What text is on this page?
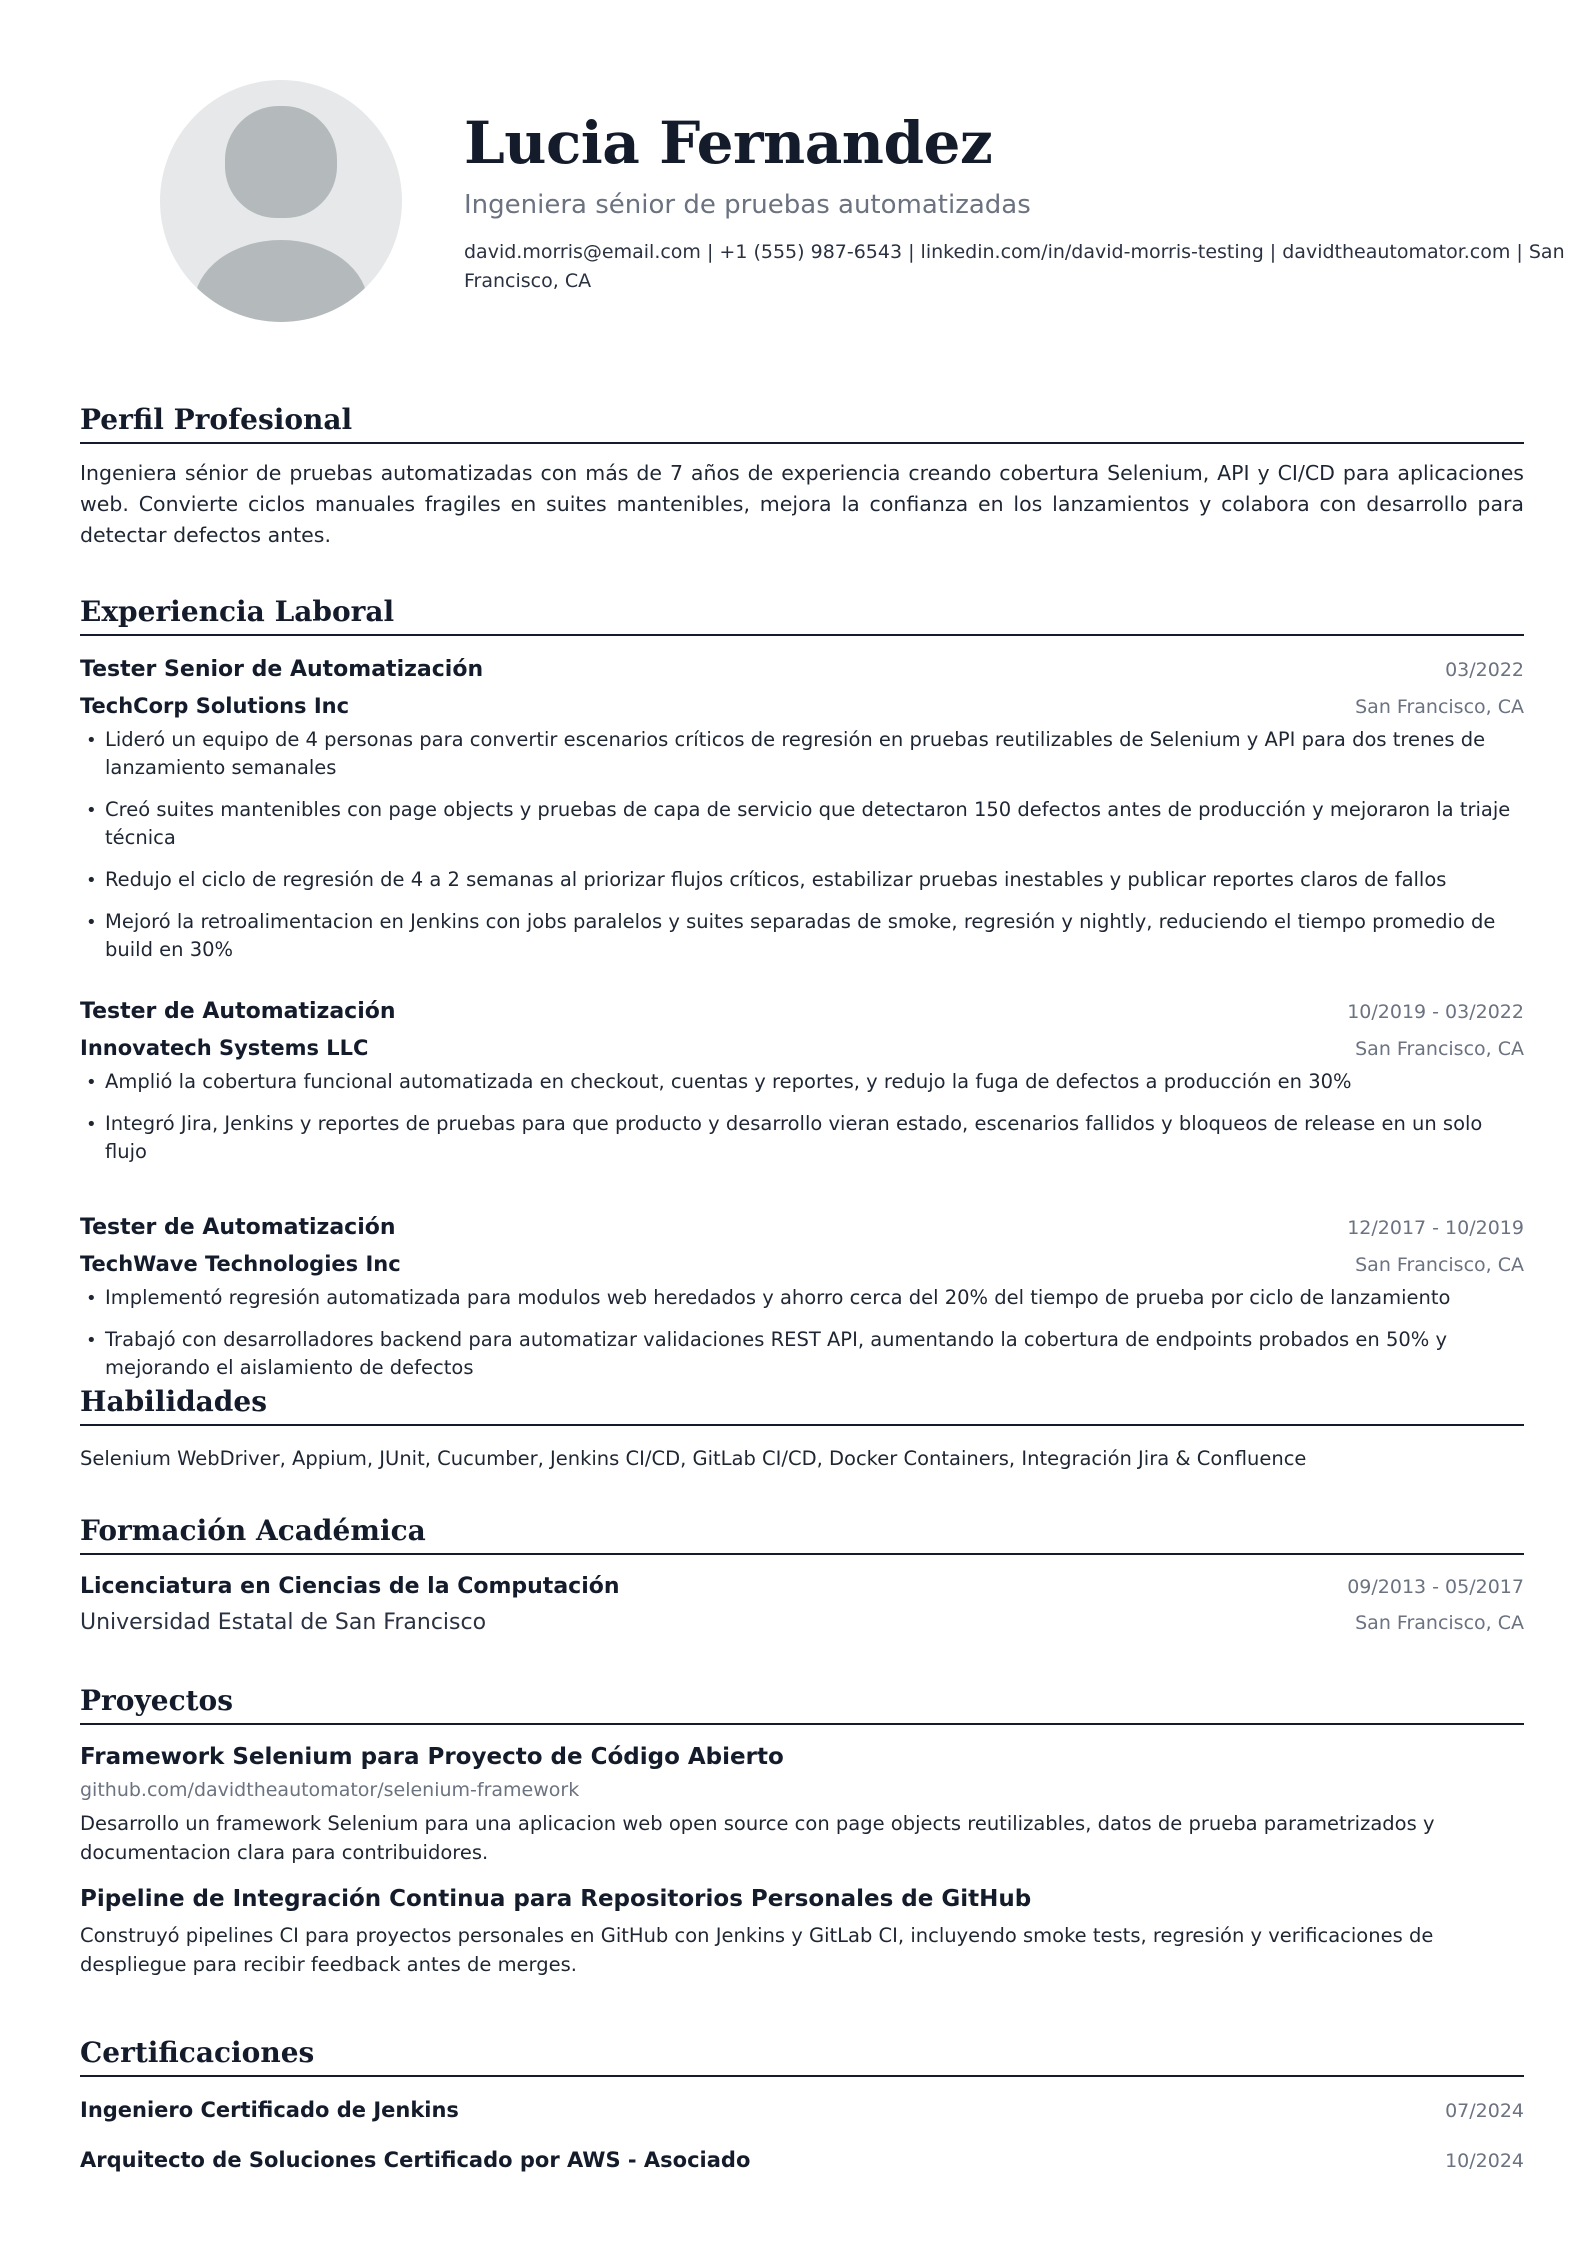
Lucia Fernandez
Ingeniera sénior de pruebas automatizadas
david.morris@email.com | +1 (555) 987-6543 | linkedin.com/in/david-morris-testing | davidtheautomator.com | San Francisco, CA
Perfil Profesional
Ingeniera sénior de pruebas automatizadas con más de 7 años de experiencia creando cobertura Selenium, API y CI/CD para aplicaciones web. Convierte ciclos manuales fragiles en suites mantenibles, mejora la confianza en los lanzamientos y colabora con desarrollo para detectar defectos antes.
Experiencia Laboral
Tester Senior de Automatización	03/2022
TechCorp Solutions Inc	San Francisco, CA
• Lideró un equipo de 4 personas para convertir escenarios críticos de regresión en pruebas reutilizables de Selenium y API para dos trenes de lanzamiento semanales
• Creó suites mantenibles con page objects y pruebas de capa de servicio que detectaron 150 defectos antes de producción y mejoraron la triaje técnica
• Redujo el ciclo de regresión de 4 a 2 semanas al priorizar flujos críticos, estabilizar pruebas inestables y publicar reportes claros de fallos
• Mejoró la retroalimentacion en Jenkins con jobs paralelos y suites separadas de smoke, regresión y nightly, reduciendo el tiempo promedio de build en 30%
Tester de Automatización	10/2019 - 03/2022
Innovatech Systems LLC	San Francisco, CA
• Amplió la cobertura funcional automatizada en checkout, cuentas y reportes, y redujo la fuga de defectos a producción en 30%
• Integró Jira, Jenkins y reportes de pruebas para que producto y desarrollo vieran estado, escenarios fallidos y bloqueos de release en un solo flujo
Tester de Automatización	12/2017 - 10/2019
TechWave Technologies Inc	San Francisco, CA
• Implementó regresión automatizada para modulos web heredados y ahorro cerca del 20% del tiempo de prueba por ciclo de lanzamiento
• Trabajó con desarrolladores backend para automatizar validaciones REST API, aumentando la cobertura de endpoints probados en 50% y mejorando el aislamiento de defectos
Habilidades
Selenium WebDriver, Appium, JUnit, Cucumber, Jenkins CI/CD, GitLab CI/CD, Docker Containers, Integración Jira & Confluence
Formación Académica
Licenciatura en Ciencias de la Computación	09/2013 - 05/2017
Universidad Estatal de San Francisco	San Francisco, CA
Proyectos
Framework Selenium para Proyecto de Código Abierto
github.com/davidtheautomator/selenium-framework
Desarrollo un framework Selenium para una aplicacion web open source con page objects reutilizables, datos de prueba parametrizados y documentacion clara para contribuidores.
Pipeline de Integración Continua para Repositorios Personales de GitHub
Construyó pipelines CI para proyectos personales en GitHub con Jenkins y GitLab CI, incluyendo smoke tests, regresión y verificaciones de despliegue para recibir feedback antes de merges.
Certificaciones
Ingeniero Certificado de Jenkins	07/2024
Arquitecto de Soluciones Certificado por AWS - Asociado	10/2024
